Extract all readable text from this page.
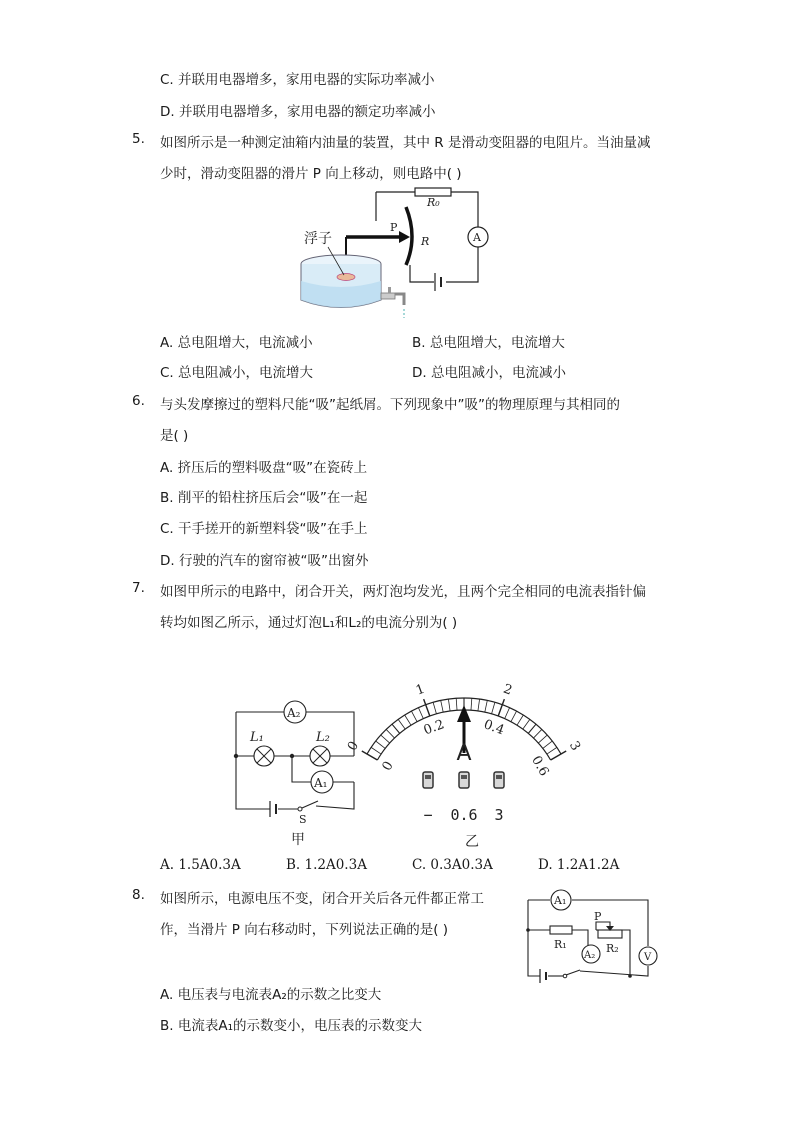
C. 并联用电器增多，家用电器的实际功率减小
D. 并联用电器增多，家用电器的额定功率减小
5. 如图所示是一种测定油箱内油量的装置，其中 R 是滑动变阻器的电阻片。当油量减
少时，滑动变阻器的滑片 P 向上移动，则电路中( )
浮子
R₀
P
R	A
A. 总电阻增大，电流减小	B. 总电阻增大，电流增大
C. 总电阻减小，电流增大	D. 总电阻减小，电流减小
6. 与头发摩擦过的塑料尺能“吸”起纸屑。下列现象中”吸”的物理原理与其相同的
是( )
A. 挤压后的塑料吸盘“吸”在瓷砖上
B. 削平的铅柱挤压后会“吸”在一起
C. 干手搓开的新塑料袋“吸”在手上
D. 行驶的汽车的窗帘被“吸”出窗外
7. 如图甲所示的电路中，闭合开关，两灯泡均发光，且两个完全相同的电流表指针偏
转均如图乙所示，通过灯泡L₁和L₂的电流分别为( )
A₂
A₁
L₁	L₂
S
甲
0
1	2
3
0
0.2	0.4
0.6
A
− 0.6 3
乙
A. 1.5A0.3A	B. 1.2A0.3A	C. 0.3A0.3A	D. 1.2A1.2A
8. 如图所示，电源电压不变，闭合开关后各元件都正常工
作，当滑片 P 向右移动时，下列说法正确的是( )
A₁
A₂
P
R₁	R₂
V
A. 电压表与电流表A₂的示数之比变大
B. 电流表A₁的示数变小，电压表的示数变大
